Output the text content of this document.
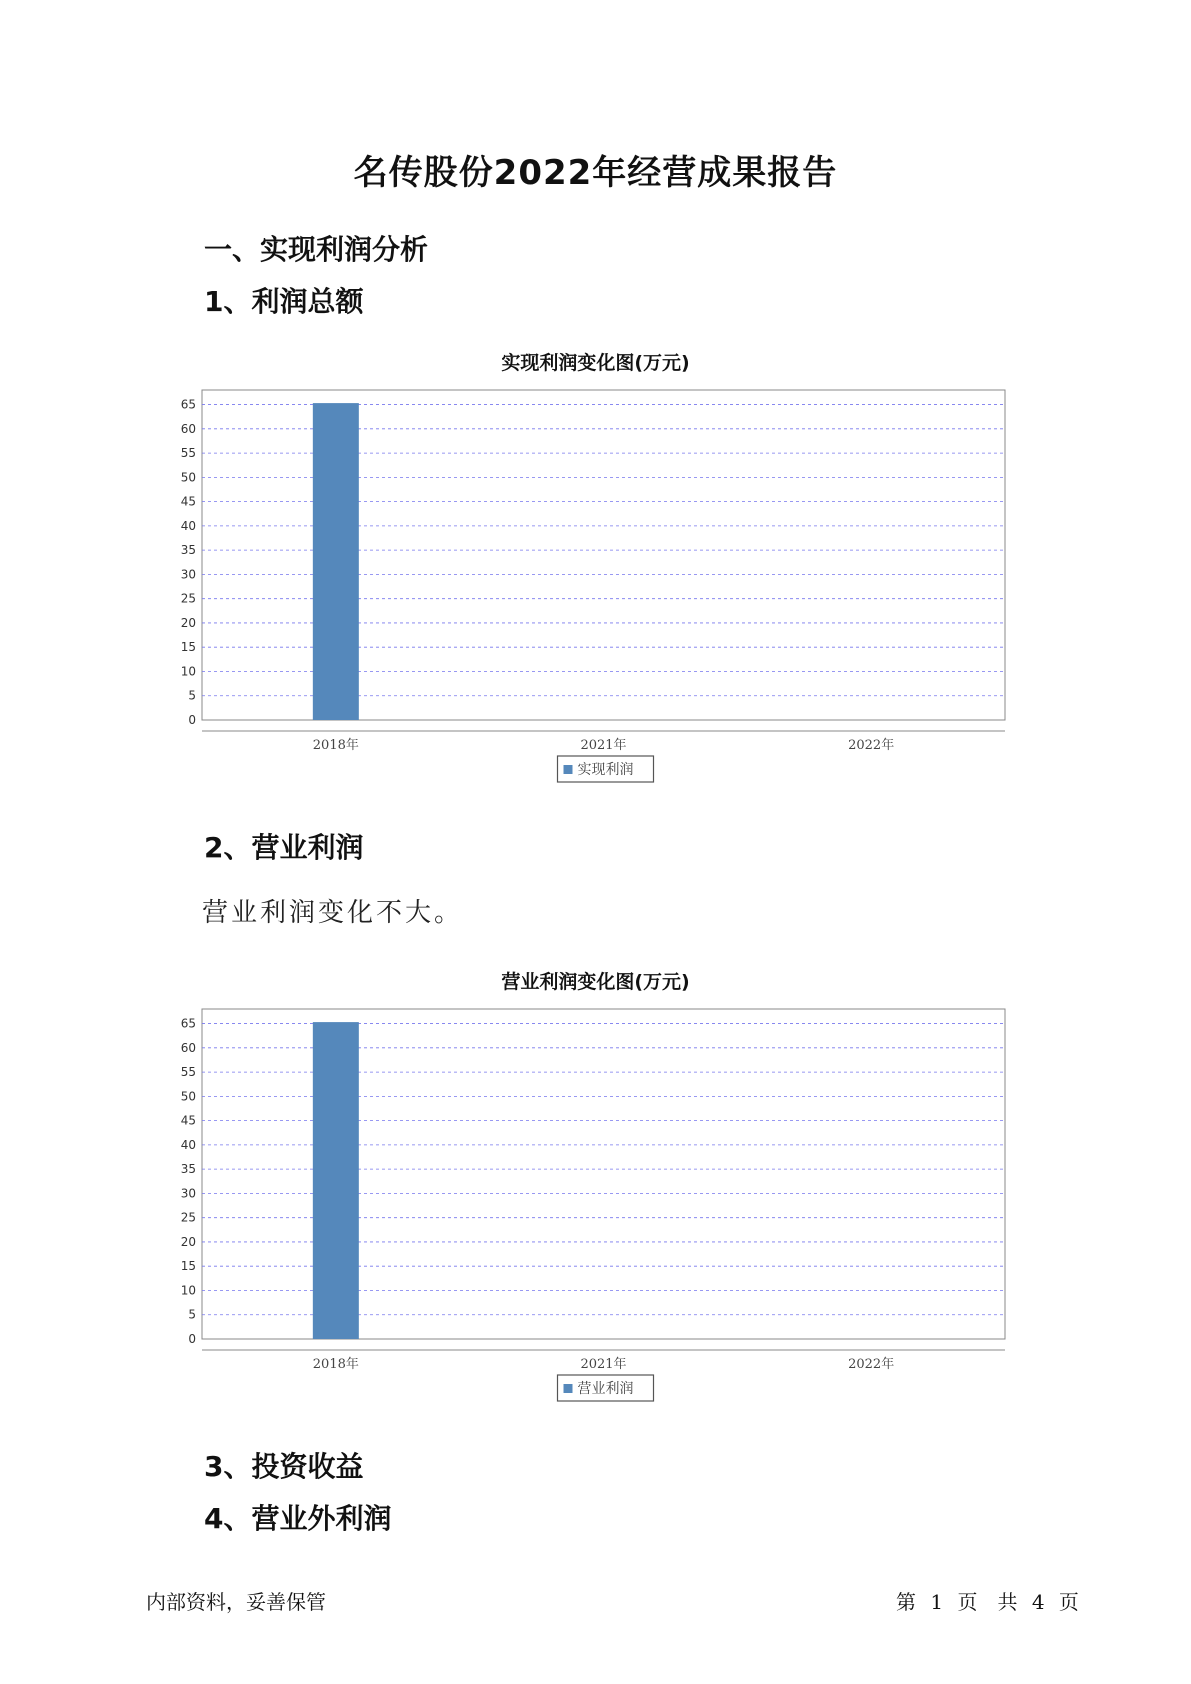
名传股份2022年经营成果报告
一、实现利润分析
1、利润总额
实现利润变化图(万元)
0
5
10
15
20
25
30
35
40
45
50
55
60
65
2018年	2021年	2022年
实现利润
2、营业利润
营业利润变化不大。
营业利润变化图(万元)
0
5
10
15
20
25
30
35
40
45
50
55
60
65
2018年	2021年	2022年
营业利润
3、投资收益
4、营业外利润
内部资料，妥善保管	第 1 页　共 4 页
